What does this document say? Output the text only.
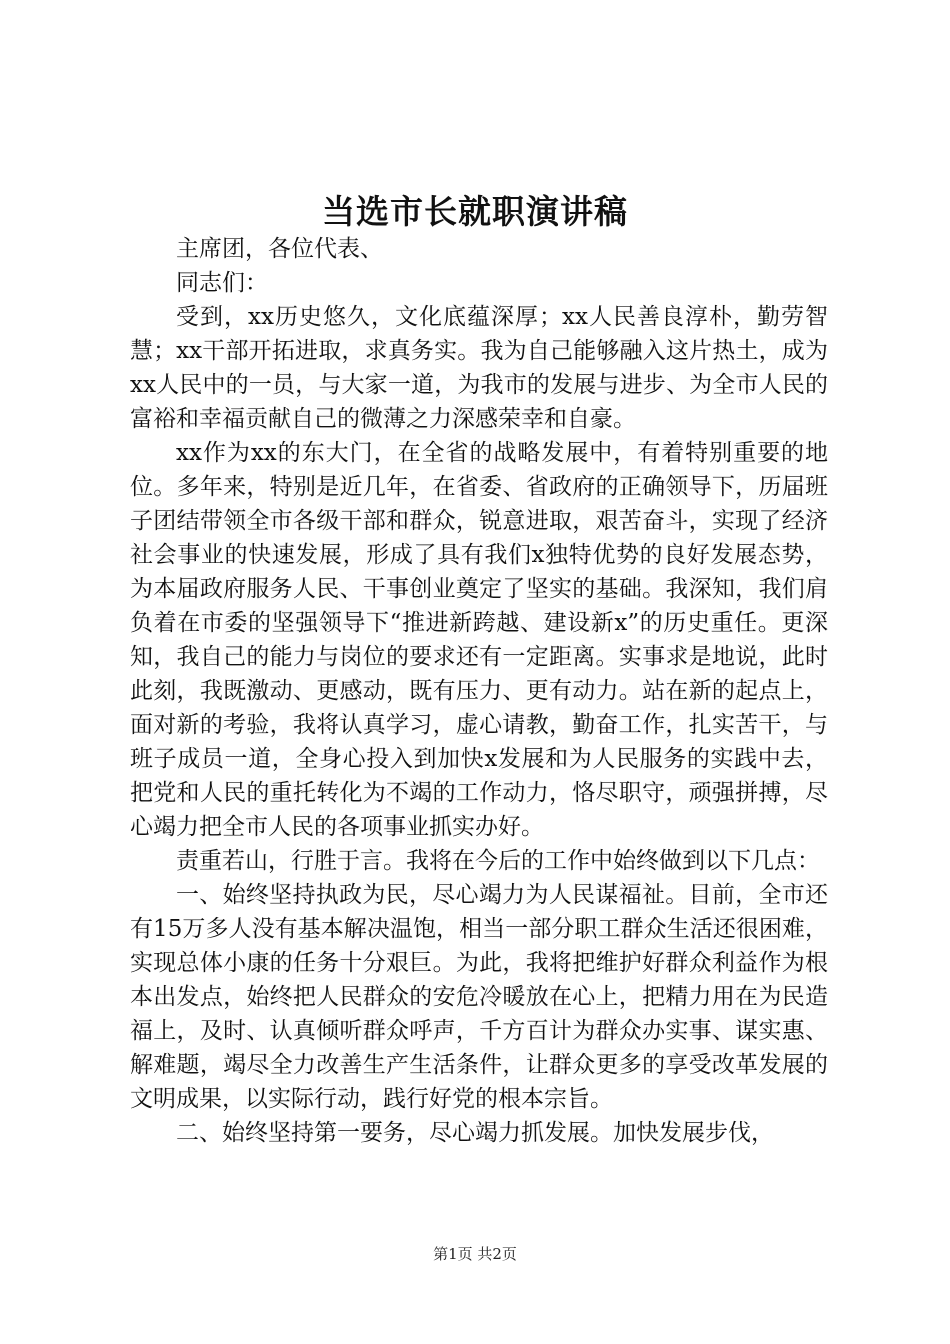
当选市长就职演讲稿

主席团，各位代表、

同志们：

受到，xx历史悠久，文化底蕴深厚；xx人民善良淳朴，勤劳智慧；xx干部开拓进取，求真务实。我为自己能够融入这片热土，成为xx人民中的一员，与大家一道，为我市的发展与进步、为全市人民的富裕和幸福贡献自己的微薄之力深感荣幸和自豪。

xx作为xx的东大门，在全省的战略发展中，有着特别重要的地位。多年来，特别是近几年，在省委、省政府的正确领导下，历届班子团结带领全市各级干部和群众，锐意进取，艰苦奋斗，实现了经济社会事业的快速发展，形成了具有我们x独特优势的良好发展态势，为本届政府服务人民、干事创业奠定了坚实的基础。我深知，我们肩负着在市委的坚强领导下“推进新跨越、建设新x”的历史重任。更深知，我自己的能力与岗位的要求还有一定距离。实事求是地说，此时此刻，我既激动、更感动，既有压力、更有动力。站在新的起点上，面对新的考验，我将认真学习，虚心请教，勤奋工作，扎实苦干，与班子成员一道，全身心投入到加快x发展和为人民服务的实践中去，把党和人民的重托转化为不竭的工作动力，恪尽职守，顽强拼搏，尽心竭力把全市人民的各项事业抓实办好。

责重若山，行胜于言。我将在今后的工作中始终做到以下几点：

一、始终坚持执政为民，尽心竭力为人民谋福祉。目前，全市还有15万多人没有基本解决温饱，相当一部分职工群众生活还很困难，实现总体小康的任务十分艰巨。为此，我将把维护好群众利益作为根本出发点，始终把人民群众的安危冷暖放在心上，把精力用在为民造福上，及时、认真倾听群众呼声，千方百计为群众办实事、谋实惠、解难题，竭尽全力改善生产生活条件，让群众更多的享受改革发展的文明成果，以实际行动，践行好党的根本宗旨。

二、始终坚持第一要务，尽心竭力抓发展。加快发展步伐，

第1页 共2页
